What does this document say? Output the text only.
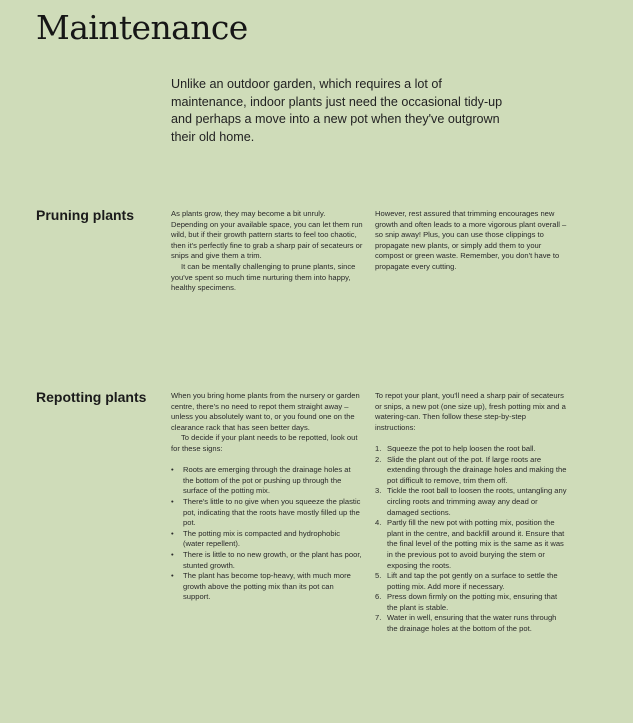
Maintenance
Unlike an outdoor garden, which requires a lot of maintenance, indoor plants just need the occasional tidy-up and perhaps a move into a new pot when they've outgrown their old home.
Pruning plants	As plants grow, they may become a bit unruly. Depending on your available space, you can let them run wild, but if their growth pattern starts to feel too chaotic, then it's perfectly fine to grab a sharp pair of secateurs or snips and give them a trim.

It can be mentally challenging to prune plants, since you've spent so much time nurturing them into happy, healthy specimens.

However, rest assured that trimming encourages new growth and often leads to a more vigorous plant overall – so snip away! Plus, you can use those clippings to propagate new plants, or simply add them to your compost or green waste. Remember, you don't have to propagate every cutting.

Repotting plants	When you bring home plants from the nursery or garden centre, there's no need to repot them straight away – unless you absolutely want to, or you found one on the clearance rack that has seen better days.

To decide if your plant needs to be repotted, look out for these signs:

• Roots are emerging through the drainage holes at the bottom of the pot or pushing up through the surface of the potting mix.
• There's little to no give when you squeeze the plastic pot, indicating that the roots have mostly filled up the pot.
• The potting mix is compacted and hydrophobic (water repellent).
• There is little to no new growth, or the plant has poor, stunted growth.
• The plant has become top-heavy, with much more growth above the potting mix than its pot can support.

To repot your plant, you'll need a sharp pair of secateurs or snips, a new pot (one size up), fresh potting mix and a watering-can. Then follow these step-by-step instructions:

1. Squeeze the pot to help loosen the root ball.
2. Slide the plant out of the pot. If large roots are extending through the drainage holes and making the pot difficult to remove, trim them off.
3. Tickle the root ball to loosen the roots, untangling any circling roots and trimming away any dead or damaged sections.
4. Partly fill the new pot with potting mix, position the plant in the centre, and backfill around it. Ensure that the final level of the potting mix is the same as it was in the previous pot to avoid burying the stem or exposing the roots.
5. Lift and tap the pot gently on a surface to settle the potting mix. Add more if necessary.
6. Press down firmly on the potting mix, ensuring that the plant is stable.
7. Water in well, ensuring that the water runs through the drainage holes at the bottom of the pot.
